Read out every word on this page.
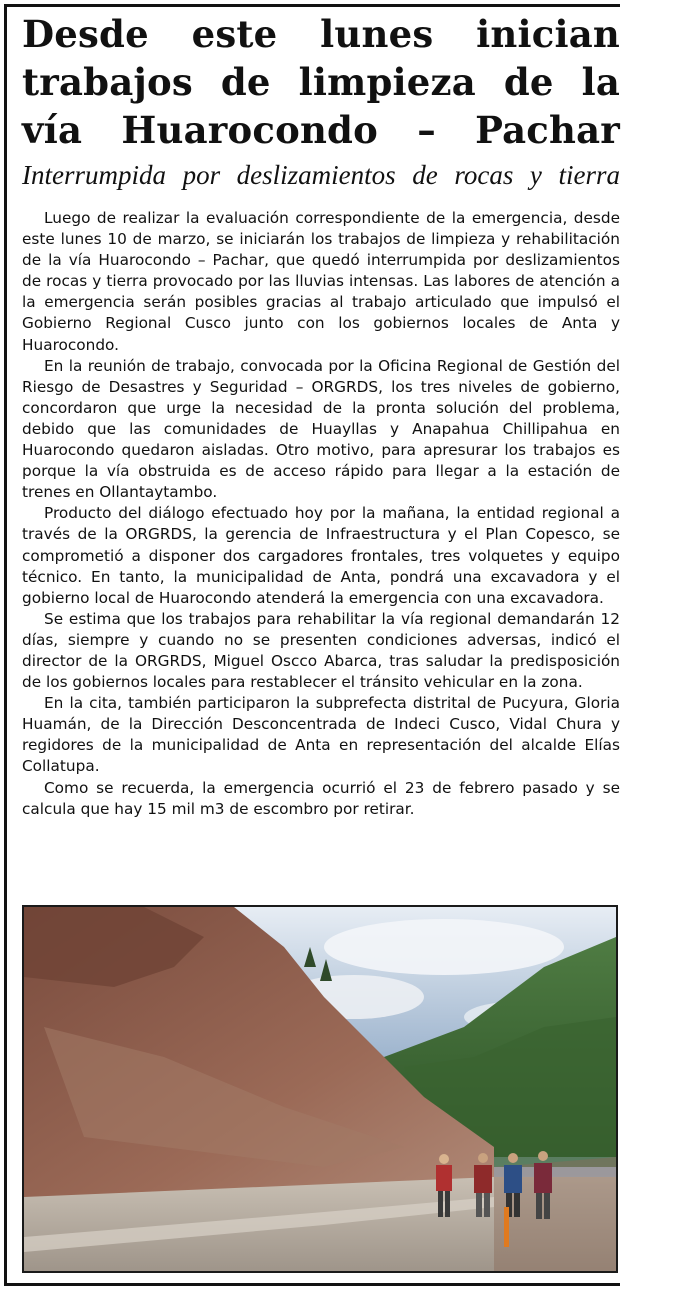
Desde este lunes inician
trabajos de limpieza de la
vía Huarocondo – Pachar
Interrumpida por deslizamientos de rocas y tierra

Luego de realizar la evaluación correspondiente de la emergencia, desde este lunes 10 de marzo, se iniciarán los trabajos de limpieza y rehabilitación de la vía Huarocondo – Pachar, que quedó interrumpida por deslizamientos de rocas y tierra provocado por las lluvias intensas. Las labores de atención a la emergencia serán posibles gracias al trabajo articulado que impulsó el Gobierno Regional Cusco junto con los gobiernos locales de Anta y Huarocondo.

En la reunión de trabajo, convocada por la Oficina Regional de Gestión del Riesgo de Desastres y Seguridad – ORGRDS, los tres niveles de gobierno, concordaron que urge la necesidad de la pronta solución del problema, debido que las comunidades de Huayllas y Anapahua Chillipahua en Huarocondo quedaron aisladas. Otro motivo, para apresurar los trabajos es porque la vía obstruida es de acceso rápido para llegar a la estación de trenes en Ollantaytambo.

Producto del diálogo efectuado hoy por la mañana, la entidad regional a través de la ORGRDS, la gerencia de Infraestructura y el Plan Copesco, se comprometió a disponer dos cargadores frontales, tres volquetes y equipo técnico. En tanto, la municipalidad de Anta, pondrá una excavadora y el gobierno local de Huarocondo atenderá la emergencia con una excavadora.

Se estima que los trabajos para rehabilitar la vía regional demandarán 12 días, siempre y cuando no se presenten condiciones adversas, indicó el director de la ORGRDS, Miguel Oscco Abarca, tras saludar la predisposición de los gobiernos locales para restablecer el tránsito vehicular en la zona.

En la cita, también participaron la subprefecta distrital de Pucyura, Gloria Huamán, de la Dirección Desconcentrada de Indeci Cusco, Vidal Chura y regidores de la municipalidad de Anta en representación del alcalde Elías Collatupa.

Como se recuerda, la emergencia ocurrió el 23 de febrero pasado y se calcula que hay 15 mil m3 de escombro por retirar.
